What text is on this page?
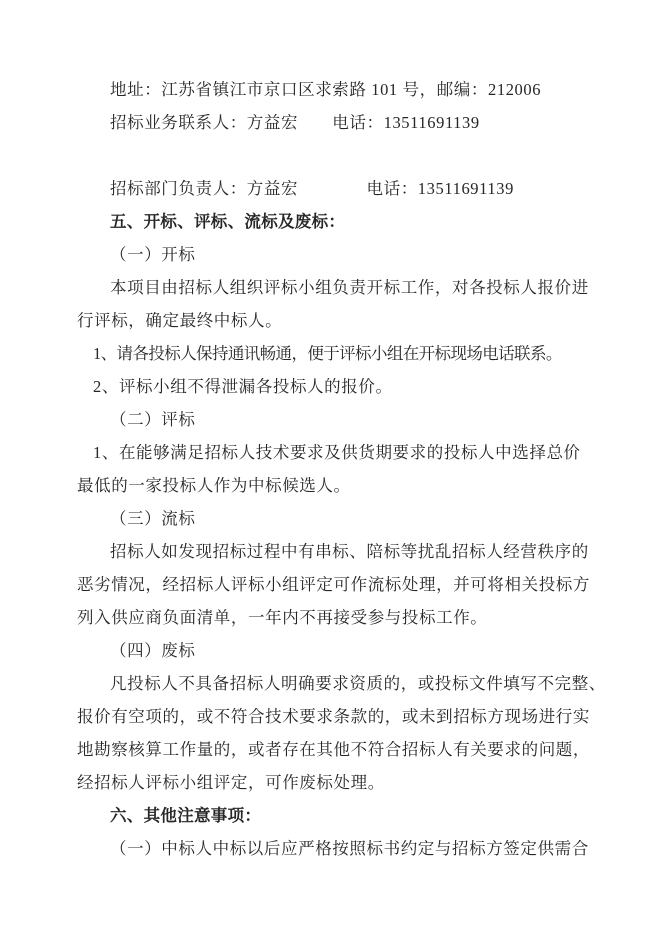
地址：江苏省镇江市京口区求索路 101 号，邮编：212006
招标业务联系人：方益宏　　电话：13511691139
招标部门负责人：方益宏　　　　电话：13511691139
五、开标、评标、流标及废标：
（一）开标
本项目由招标人组织评标小组负责开标工作，对各投标人报价进
行评标，确定最终中标人。
1、请各投标人保持通讯畅通，便于评标小组在开标现场电话联系。
2、评标小组不得泄漏各投标人的报价。
（二）评标
1、在能够满足招标人技术要求及供货期要求的投标人中选择总价
最低的一家投标人作为中标候选人。
（三）流标
招标人如发现招标过程中有串标、陪标等扰乱招标人经营秩序的
恶劣情况，经招标人评标小组评定可作流标处理，并可将相关投标方
列入供应商负面清单，一年内不再接受参与投标工作。
（四）废标
凡投标人不具备招标人明确要求资质的，或投标文件填写不完整、
报价有空项的，或不符合技术要求条款的，或未到招标方现场进行实
地勘察核算工作量的，或者存在其他不符合招标人有关要求的问题，
经招标人评标小组评定，可作废标处理。
六、其他注意事项：
（一）中标人中标以后应严格按照标书约定与招标方签定供需合
